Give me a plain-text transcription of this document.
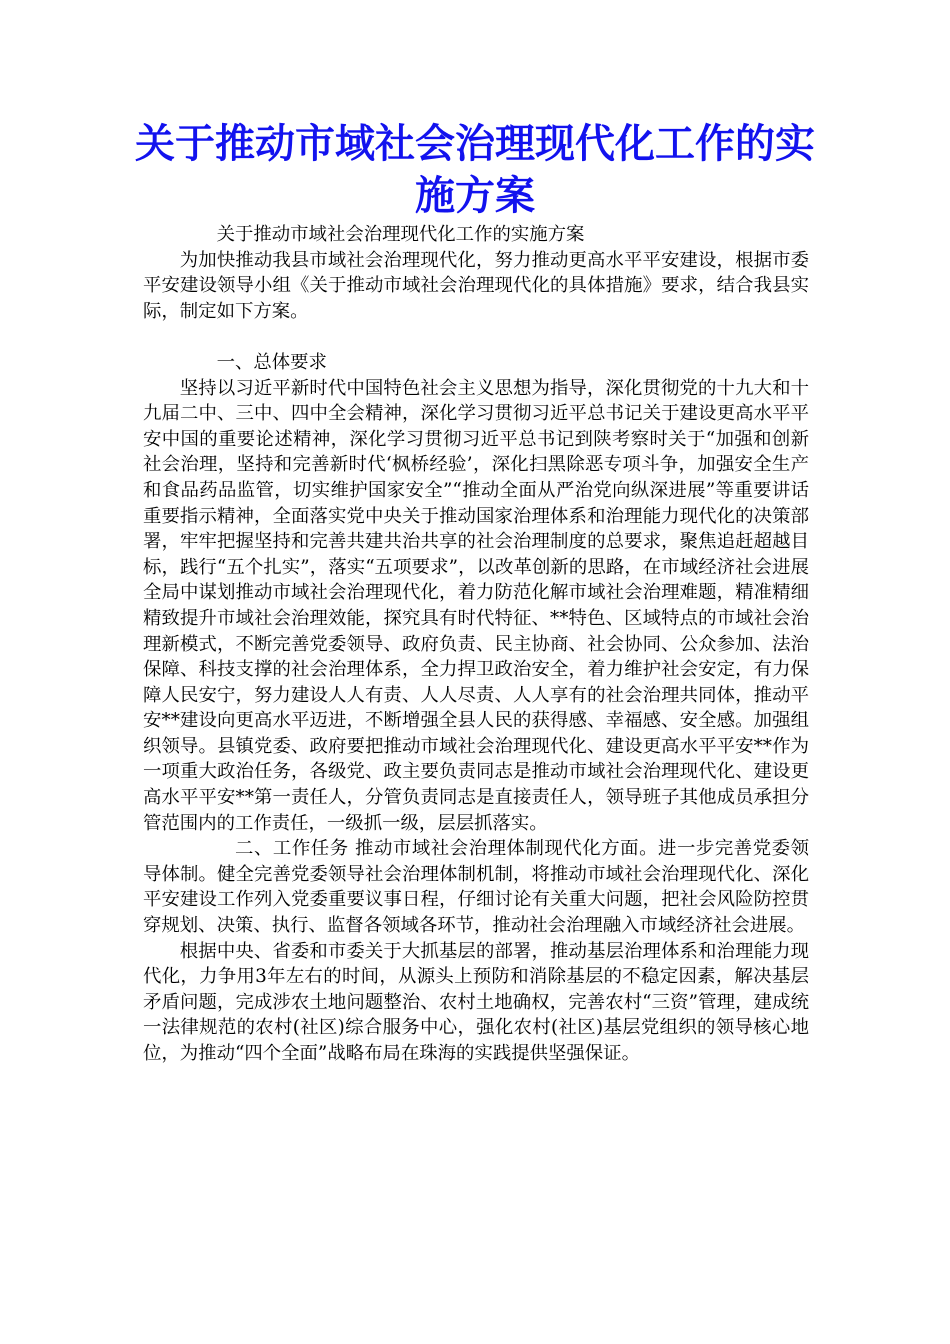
关于推动市域社会治理现代化工作的实施方案

关于推动市域社会治理现代化工作的实施方案

为加快推动我县市域社会治理现代化，努力推动更高水平平安建设，根据市委平安建设领导小组《关于推动市域社会治理现代化的具体措施》要求，结合我县实际，制定如下方案。

一、总体要求

坚持以习近平新时代中国特色社会主义思想为指导，深化贯彻党的十九大和十九届二中、三中、四中全会精神，深化学习贯彻习近平总书记关于建设更高水平平安中国的重要论述精神，深化学习贯彻习近平总书记到陕考察时关于“加强和创新社会治理，坚持和完善新时代‘枫桥经验’，深化扫黑除恶专项斗争，加强安全生产和食品药品监管，切实维护国家安全”“推动全面从严治党向纵深进展”等重要讲话重要指示精神，全面落实党中央关于推动国家治理体系和治理能力现代化的决策部署，牢牢把握坚持和完善共建共治共享的社会治理制度的总要求，聚焦追赶超越目标，践行“五个扎实”，落实“五项要求”，以改革创新的思路，在市域经济社会进展全局中谋划推动市域社会治理现代化，着力防范化解市域社会治理难题，精准精细精致提升市域社会治理效能，探究具有时代特征、**特色、区域特点的市域社会治理新模式，不断完善党委领导、政府负责、民主协商、社会协同、公众参加、法治保障、科技支撑的社会治理体系，全力捍卫政治安全，着力维护社会安定，有力保障人民安宁，努力建设人人有责、人人尽责、人人享有的社会治理共同体，推动平安**建设向更高水平迈进，不断增强全县人民的获得感、幸福感、安全感。加强组织领导。县镇党委、政府要把推动市域社会治理现代化、建设更高水平平安**作为一项重大政治任务，各级党、政主要负责同志是推动市域社会治理现代化、建设更高水平平安**第一责任人，分管负责同志是直接责任人，领导班子其他成员承担分管范围内的工作责任，一级抓一级，层层抓落实。

二、工作任务 推动市域社会治理体制现代化方面。进一步完善党委领导体制。健全完善党委领导社会治理体制机制，将推动市域社会治理现代化、深化平安建设工作列入党委重要议事日程，仔细讨论有关重大问题，把社会风险防控贯穿规划、决策、执行、监督各领域各环节，推动社会治理融入市域经济社会进展。

根据中央、省委和市委关于大抓基层的部署，推动基层治理体系和治理能力现代化，力争用3年左右的时间，从源头上预防和消除基层的不稳定因素，解决基层矛盾问题，完成涉农土地问题整治、农村土地确权，完善农村“三资”管理，建成统一法律规范的农村(社区)综合服务中心，强化农村(社区)基层党组织的领导核心地位，为推动“四个全面”战略布局在珠海的实践提供坚强保证。
